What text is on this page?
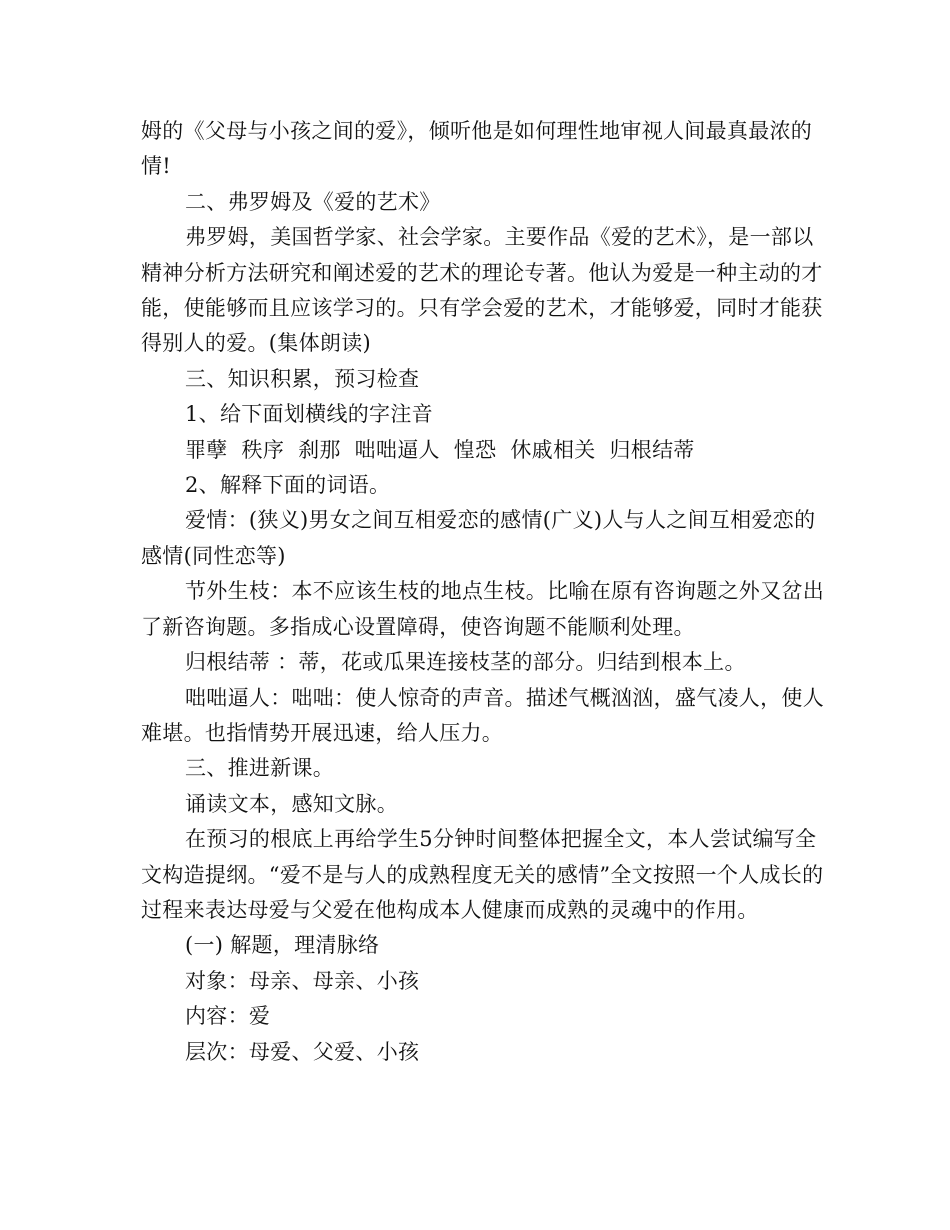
姆的《父母与小孩之间的爱》，倾听他是如何理性地审视人间最真最浓的情!

二、弗罗姆及《爱的艺术》

弗罗姆，美国哲学家、社会学家。主要作品《爱的艺术》，是一部以精神分析方法研究和阐述爱的艺术的理论专著。他认为爱是一种主动的才能，使能够而且应该学习的。只有学会爱的艺术，才能够爱，同时才能获得别人的爱。(集体朗读)

三、知识积累，预习检查

1、给下面划横线的字注音

罪孽  秩序  刹那  咄咄逼人  惶恐  休戚相关  归根结蒂

2、解释下面的词语。

爱情：(狭义)男女之间互相爱恋的感情(广义)人与人之间互相爱恋的感情(同性恋等)

节外生枝：本不应该生枝的地点生枝。比喻在原有咨询题之外又岔出了新咨询题。多指成心设置障碍，使咨询题不能顺利处理。

归根结蒂 ：蒂，花或瓜果连接枝茎的部分。归结到根本上。

咄咄逼人：咄咄：使人惊奇的声音。描述气概汹汹，盛气凌人，使人难堪。也指情势开展迅速，给人压力。

三、推进新课。

诵读文本，感知文脉。

在预习的根底上再给学生5分钟时间整体把握全文，本人尝试编写全文构造提纲。“爱不是与人的成熟程度无关的感情”全文按照一个人成长的过程来表达母爱与父爱在他构成本人健康而成熟的灵魂中的作用。

(一) 解题，理清脉络

对象：母亲、母亲、小孩

内容：爱

层次：母爱、父爱、小孩
